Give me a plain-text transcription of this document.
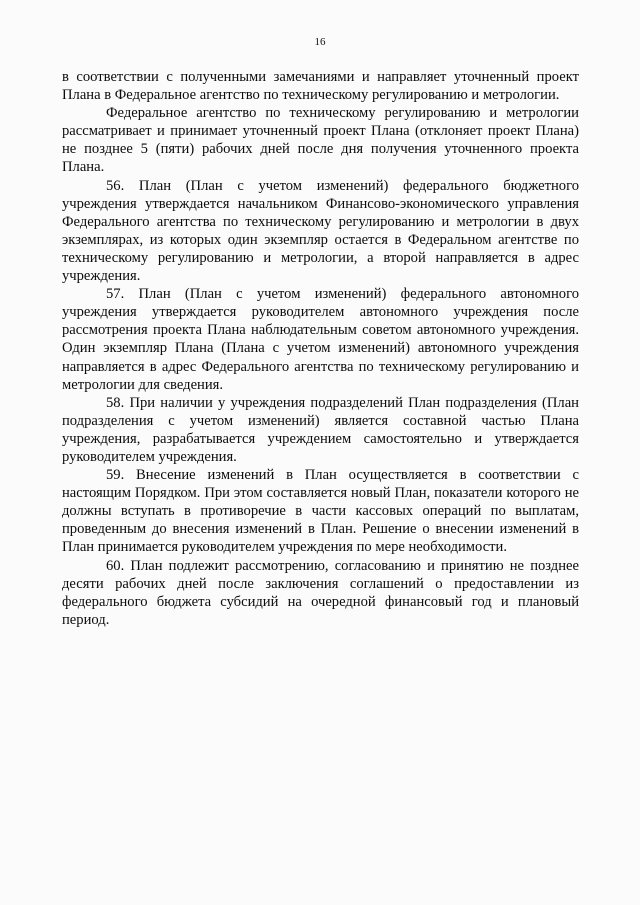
16

в соответствии с полученными замечаниями и направляет уточненный проект Плана в Федеральное агентство по техническому регулированию и метрологии.

Федеральное агентство по техническому регулированию и метрологии рассматривает и принимает уточненный проект Плана (отклоняет проект Плана) не позднее 5 (пяти) рабочих дней после дня получения уточненного проекта Плана.

56. План (План с учетом изменений) федерального бюджетного учреждения утверждается начальником Финансово-экономического управления Федерального агентства по техническому регулированию и метрологии в двух экземплярах, из которых один экземпляр остается в Федеральном агентстве по техническому регулированию и метрологии, а второй направляется в адрес учреждения.

57. План (План с учетом изменений) федерального автономного учреждения утверждается руководителем автономного учреждения после рассмотрения проекта Плана наблюдательным советом автономного учреждения. Один экземпляр Плана (Плана с учетом изменений) автономного учреждения направляется в адрес Федерального агентства по техническому регулированию и метрологии для сведения.

58. При наличии у учреждения подразделений План подразделения (План подразделения с учетом изменений) является составной частью Плана учреждения, разрабатывается учреждением самостоятельно и утверждается руководителем учреждения.

59. Внесение изменений в План осуществляется в соответствии с настоящим Порядком. При этом составляется новый План, показатели которого не должны вступать в противоречие в части кассовых операций по выплатам, проведенным до внесения изменений в План. Решение о внесении изменений в План принимается руководителем учреждения по мере необходимости.

60. План подлежит рассмотрению, согласованию и принятию не позднее десяти рабочих дней после заключения соглашений о предоставлении из федерального бюджета субсидий на очередной финансовый год и плановый период.
